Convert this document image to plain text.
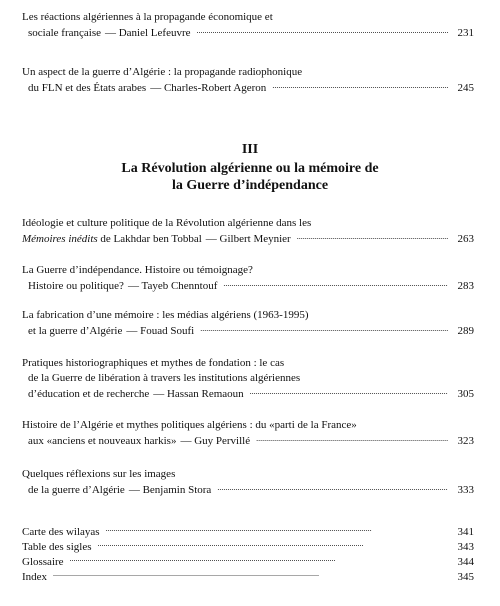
Les réactions algériennes à la propagande économique et
sociale française — Daniel Lefeuvre . . .	231
Un aspect de la guerre d’Algérie : la propagande radiophonique
du FLN et des États arabes — Charles-Robert Ageron . . .	245
III
La Révolution algérienne ou la mémoire de
la Guerre d’indépendance
Idéologie et culture politique de la Révolution algérienne dans les
Mémoires inédits de Lakhdar ben Tobbal — Gilbert Meynier . . .	263
La Guerre d’indépendance. Histoire ou témoignage?
Histoire ou politique? — Tayeb Chenntouf . . .	283
La fabrication d’une mémoire : les médias algériens (1963-1995)
et la guerre d’Algérie — Fouad Soufi . . .	289
Pratiques historiographiques et mythes de fondation : le cas
de la Guerre de libération à travers les institutions algériennes
d’éducation et de recherche — Hassan Remaoun . . .	305
Histoire de l’Algérie et mythes politiques algériens : du «parti de la France»
aux «anciens et nouveaux harkis» — Guy Pervillé . . .	323
Quelques réflexions sur les images
de la guerre d’Algérie — Benjamin Stora . . .	333
Carte des wilayas . . .	341
Table des sigles . . .	343
Glossaire . . .	344
Index . . .	345
